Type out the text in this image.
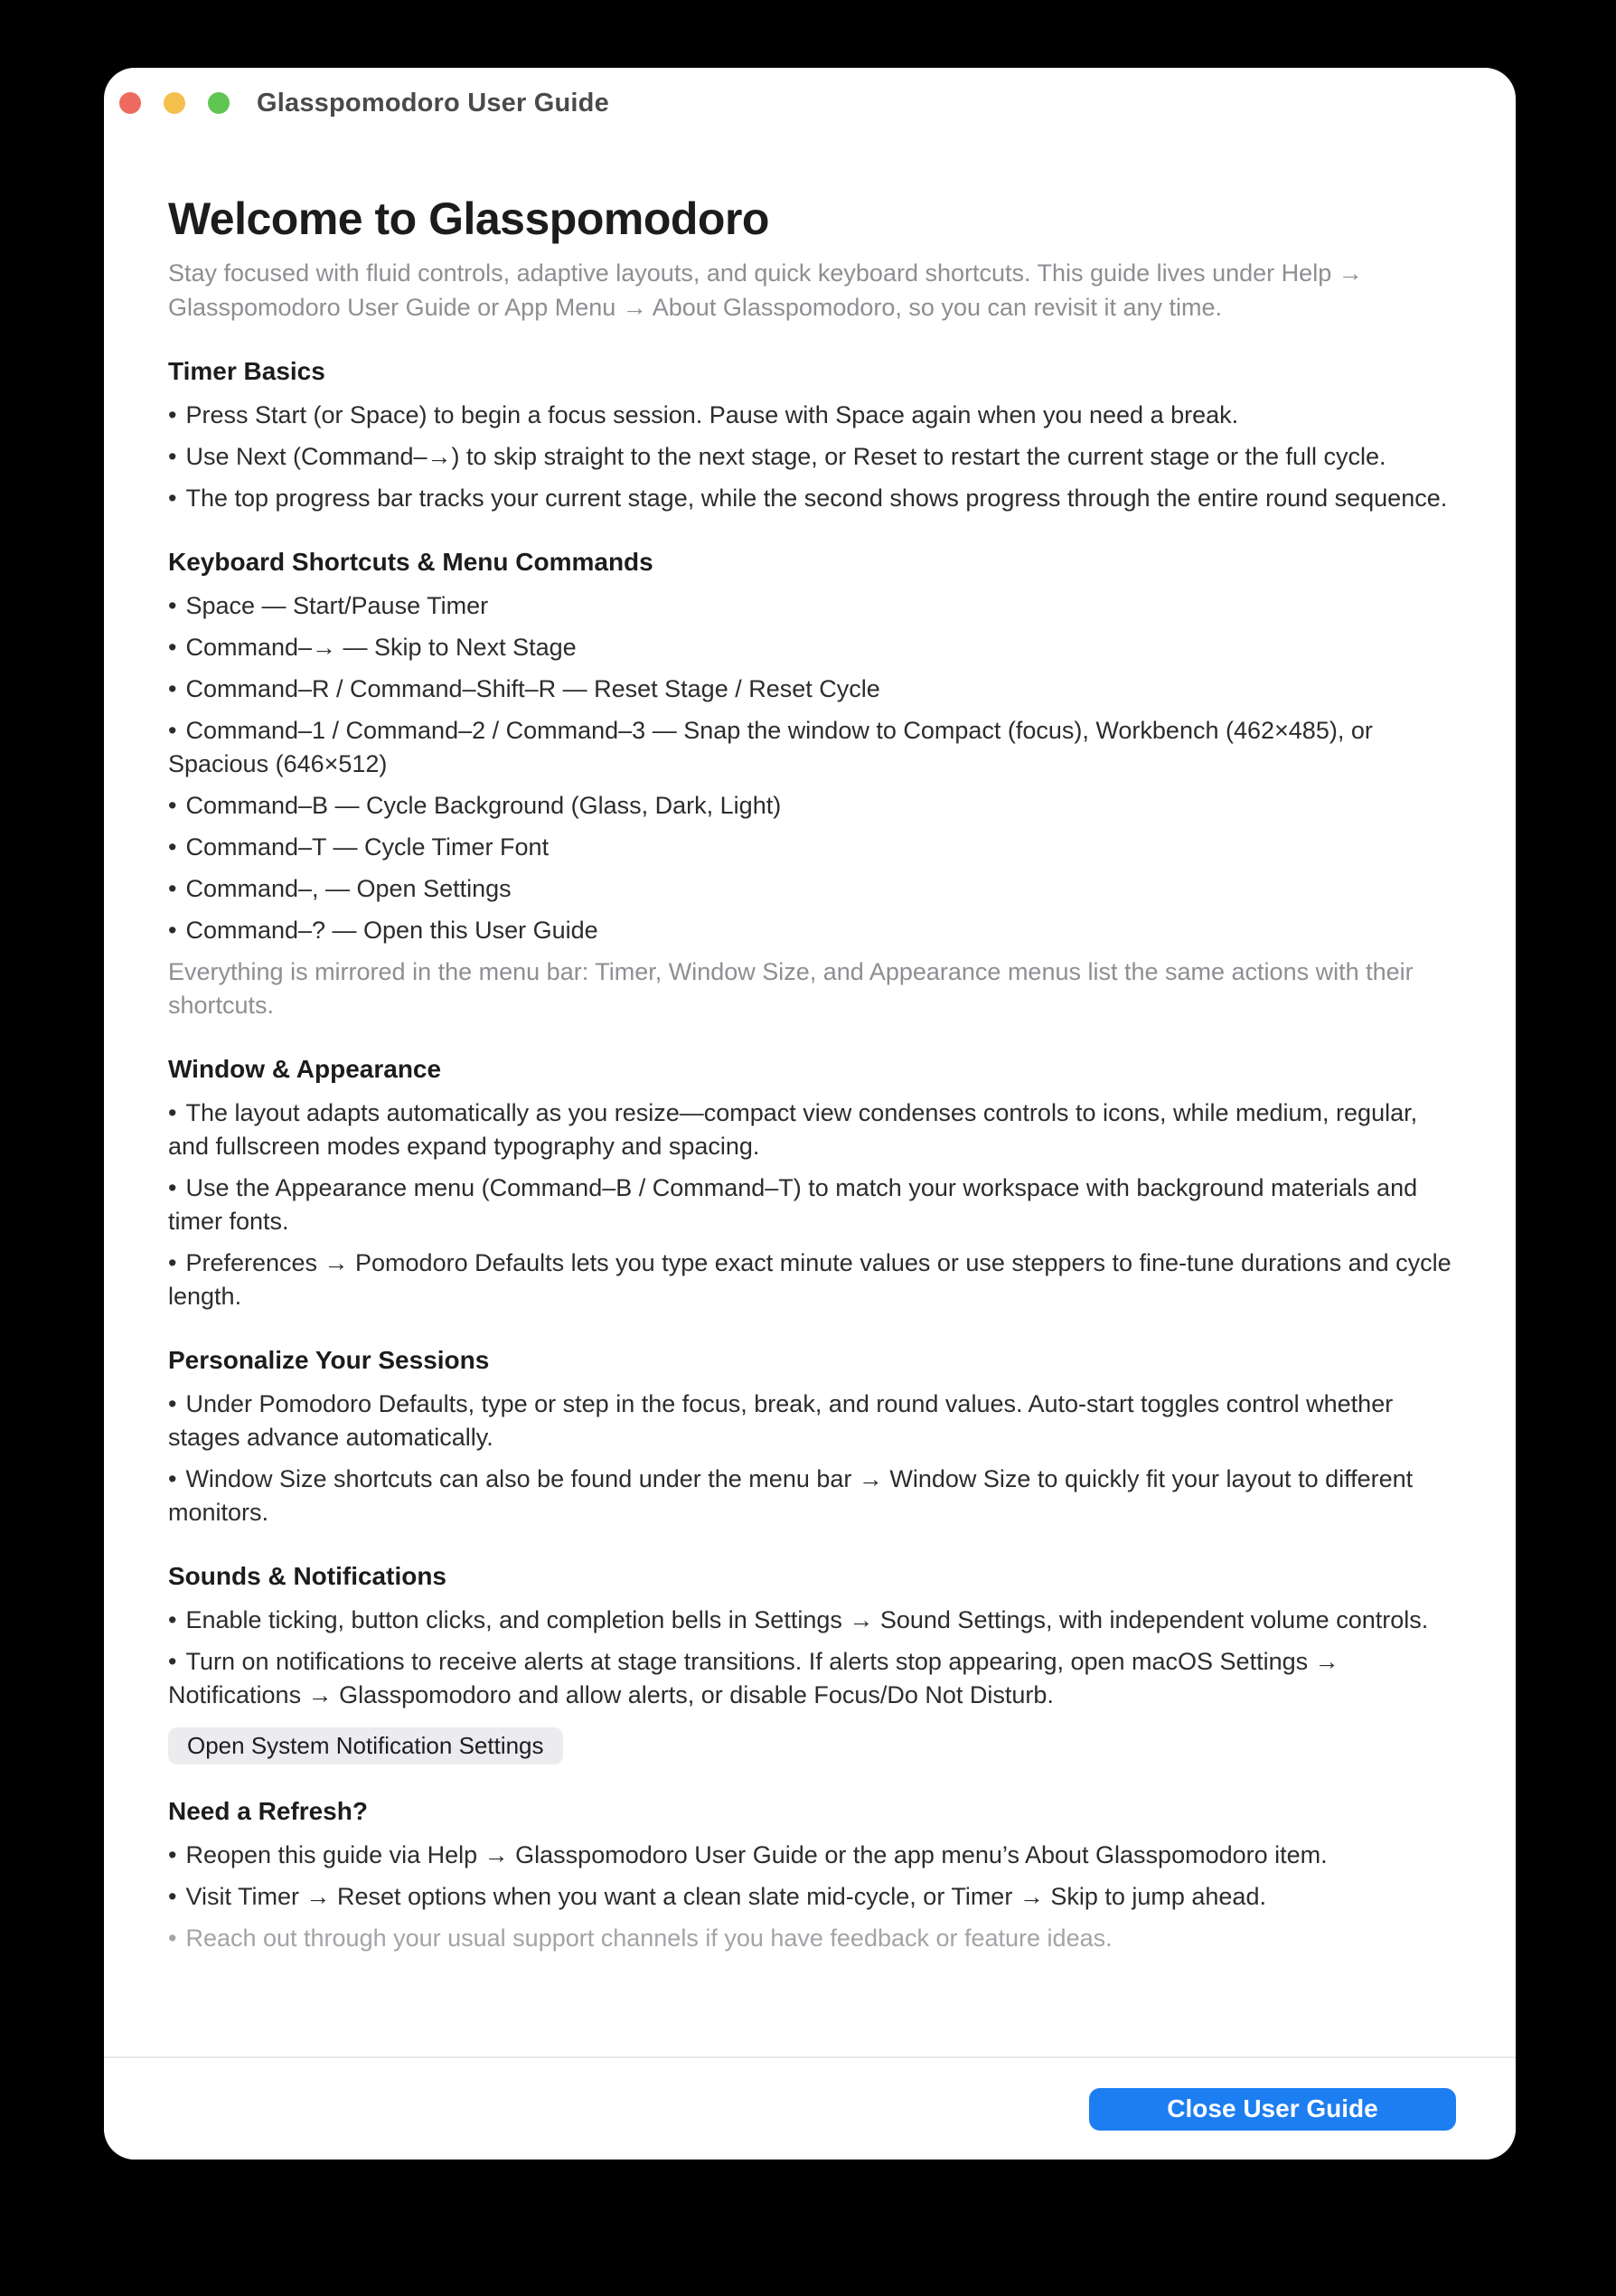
Glasspomodoro User Guide
Welcome to Glasspomodoro

Stay focused with fluid controls, adaptive layouts, and quick keyboard shortcuts. This guide lives under Help → Glasspomodoro User Guide or App Menu → About Glasspomodoro, so you can revisit it any time.

Timer Basics
• Press Start (or Space) to begin a focus session. Pause with Space again when you need a break.
• Use Next (Command–→) to skip straight to the next stage, or Reset to restart the current stage or the full cycle.
• The top progress bar tracks your current stage, while the second shows progress through the entire round sequence.
Keyboard Shortcuts & Menu Commands
• Space — Start/Pause Timer
• Command–→ — Skip to Next Stage
• Command–R / Command–Shift–R — Reset Stage / Reset Cycle
• Command–1 / Command–2 / Command–3 — Snap the window to Compact (focus), Workbench (462×485), or Spacious (646×512)
• Command–B — Cycle Background (Glass, Dark, Light)
• Command–T — Cycle Timer Font
• Command–, — Open Settings
• Command–? — Open this User Guide

Everything is mirrored in the menu bar: Timer, Window Size, and Appearance menus list the same actions with their shortcuts.

Window & Appearance
• The layout adapts automatically as you resize—compact view condenses controls to icons, while medium, regular, and fullscreen modes expand typography and spacing.
• Use the Appearance menu (Command–B / Command–T) to match your workspace with background materials and timer fonts.
• Preferences → Pomodoro Defaults lets you type exact minute values or use steppers to fine-tune durations and cycle length.
Personalize Your Sessions
• Under Pomodoro Defaults, type or step in the focus, break, and round values. Auto-start toggles control whether stages advance automatically.
• Window Size shortcuts can also be found under the menu bar → Window Size to quickly fit your layout to different monitors.
Sounds & Notifications
• Enable ticking, button clicks, and completion bells in Settings → Sound Settings, with independent volume controls.
• Turn on notifications to receive alerts at stage transitions. If alerts stop appearing, open macOS Settings → Notifications → Glasspomodoro and allow alerts, or disable Focus/Do Not Disturb.
Open System Notification Settings
Need a Refresh?
• Reopen this guide via Help → Glasspomodoro User Guide or the app menu’s About Glasspomodoro item.
• Visit Timer → Reset options when you want a clean slate mid-cycle, or Timer → Skip to jump ahead.
• Reach out through your usual support channels if you have feedback or feature ideas.
Close User Guide
